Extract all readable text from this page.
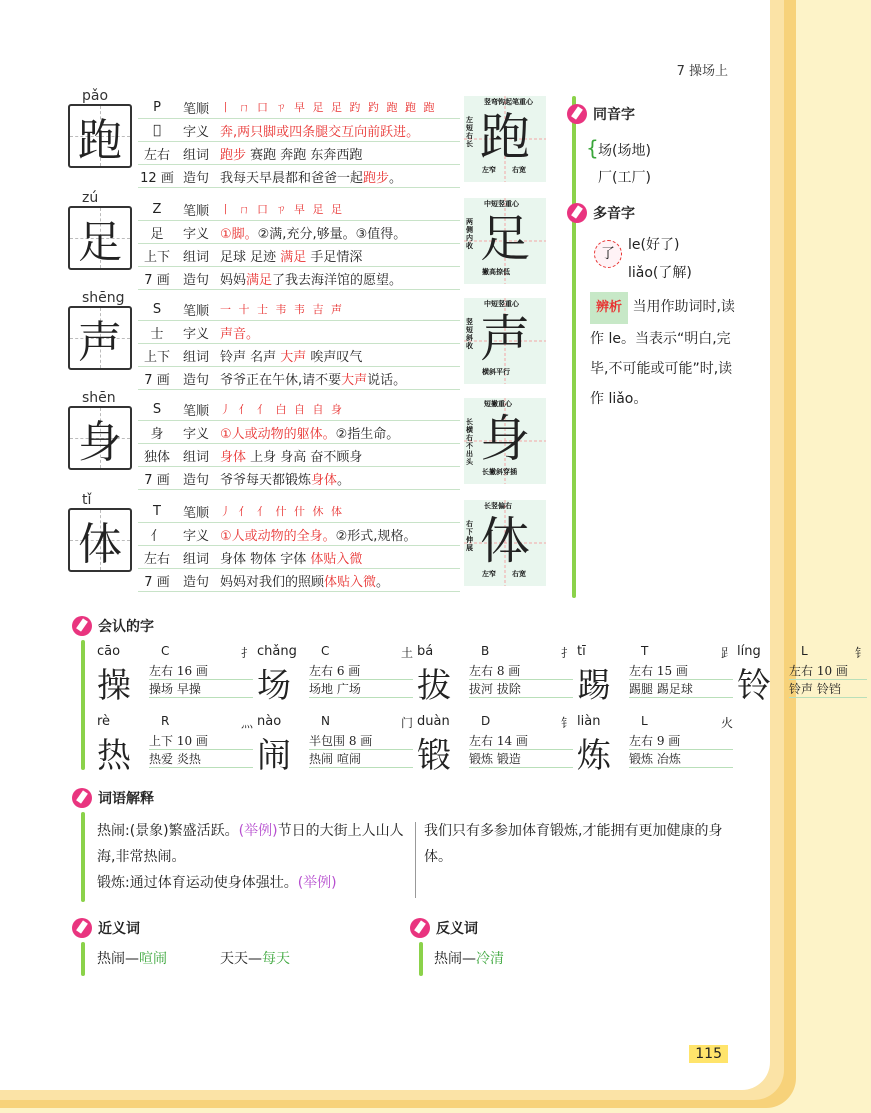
7 操场上
pǎo
跑
P	笔顺	丨 ㄇ 口 ㄗ 早 足 足 趵 趵 跑 跑 跑
𠯁	字义 奔,两只脚或四条腿交互向前跃进。
左右 组词 跑步 赛跑 奔跑 东奔西跑
12 画 造句 我每天早晨都和爸爸一起跑步。
跑
竖弯钩起笔重心
左短右长
左窄 右宽
zú
足
Z	笔顺	丨 ㄇ 口 ㄗ 早 足 足
足	字义 ①脚。②满,充分,够量。③值得。
上下 组词 足球 足迹 满足 手足情深
7 画	造句 妈妈满足了我去海洋馆的愿望。
足
中短竖重心
两侧内收
撇高捺低
shēng
声
S	笔顺	一 十 士 韦 韦 吉 声
士	字义 声音。
上下 组词 铃声 名声 大声 唉声叹气
7 画	造句 爷爷正在午休,请不要大声说话。
声
中短竖重心
竖短斜收
横斜平行
shēn
身
S	笔顺	丿 亻 亻 白 自 自 身
身	字义 ①人或动物的躯体。②指生命。
独体 组词 身体 上身 身高 奋不顾身
7 画	造句 爷爷每天都锻炼身体。
身
短撇重心
长横右不出头
长撇斜穿插
tǐ
体
T	笔顺	丿 亻 亻 什 什 休 体
亻	字义 ①人或动物的全身。②形式,规格。
左右 组词 身体 物体 字体 体贴入微
7 画	造句 妈妈对我们的照顾体贴入微。
体
长竖偏右
右下伸展
左窄 右宽
同音字
{ 场(场地)
厂(工厂)
多音字
了
le(好了)
liǎo(了解)
辨析 当用作助词时,读作 le。当表示“明白,完毕,不可能或可能”时,读作 liǎo。
会认的字
cāo
操
C	扌
左右 16 画
操场 早操
chǎng
场
C	土
左右 6 画
场地 广场
bá
拔
B	扌
左右 8 画
拔河 拔除
tī
踢
T	𧾷
左右 15 画
踢腿 踢足球
líng
铃
L	钅
左右 10 画
铃声 铃铛
rè
热
R	灬
上下 10 画
热爱 炎热
nào
闹
N	门
半包围 8 画
热闹 喧闹
duàn
锻
D	钅
左右 14 画
锻炼 锻造
liàn
炼
L	火
左右 9 画
锻炼 冶炼
词语解释
热闹:(景象)繁盛活跃。(举例)节日的大街上人山人海,非常热闹。
锻炼:通过体育运动使身体强壮。(举例)
我们只有多参加体育锻炼,才能拥有更加健康的身体。
近义词
热闹—喧闹	天天—每天
反义词
热闹—冷清
115
